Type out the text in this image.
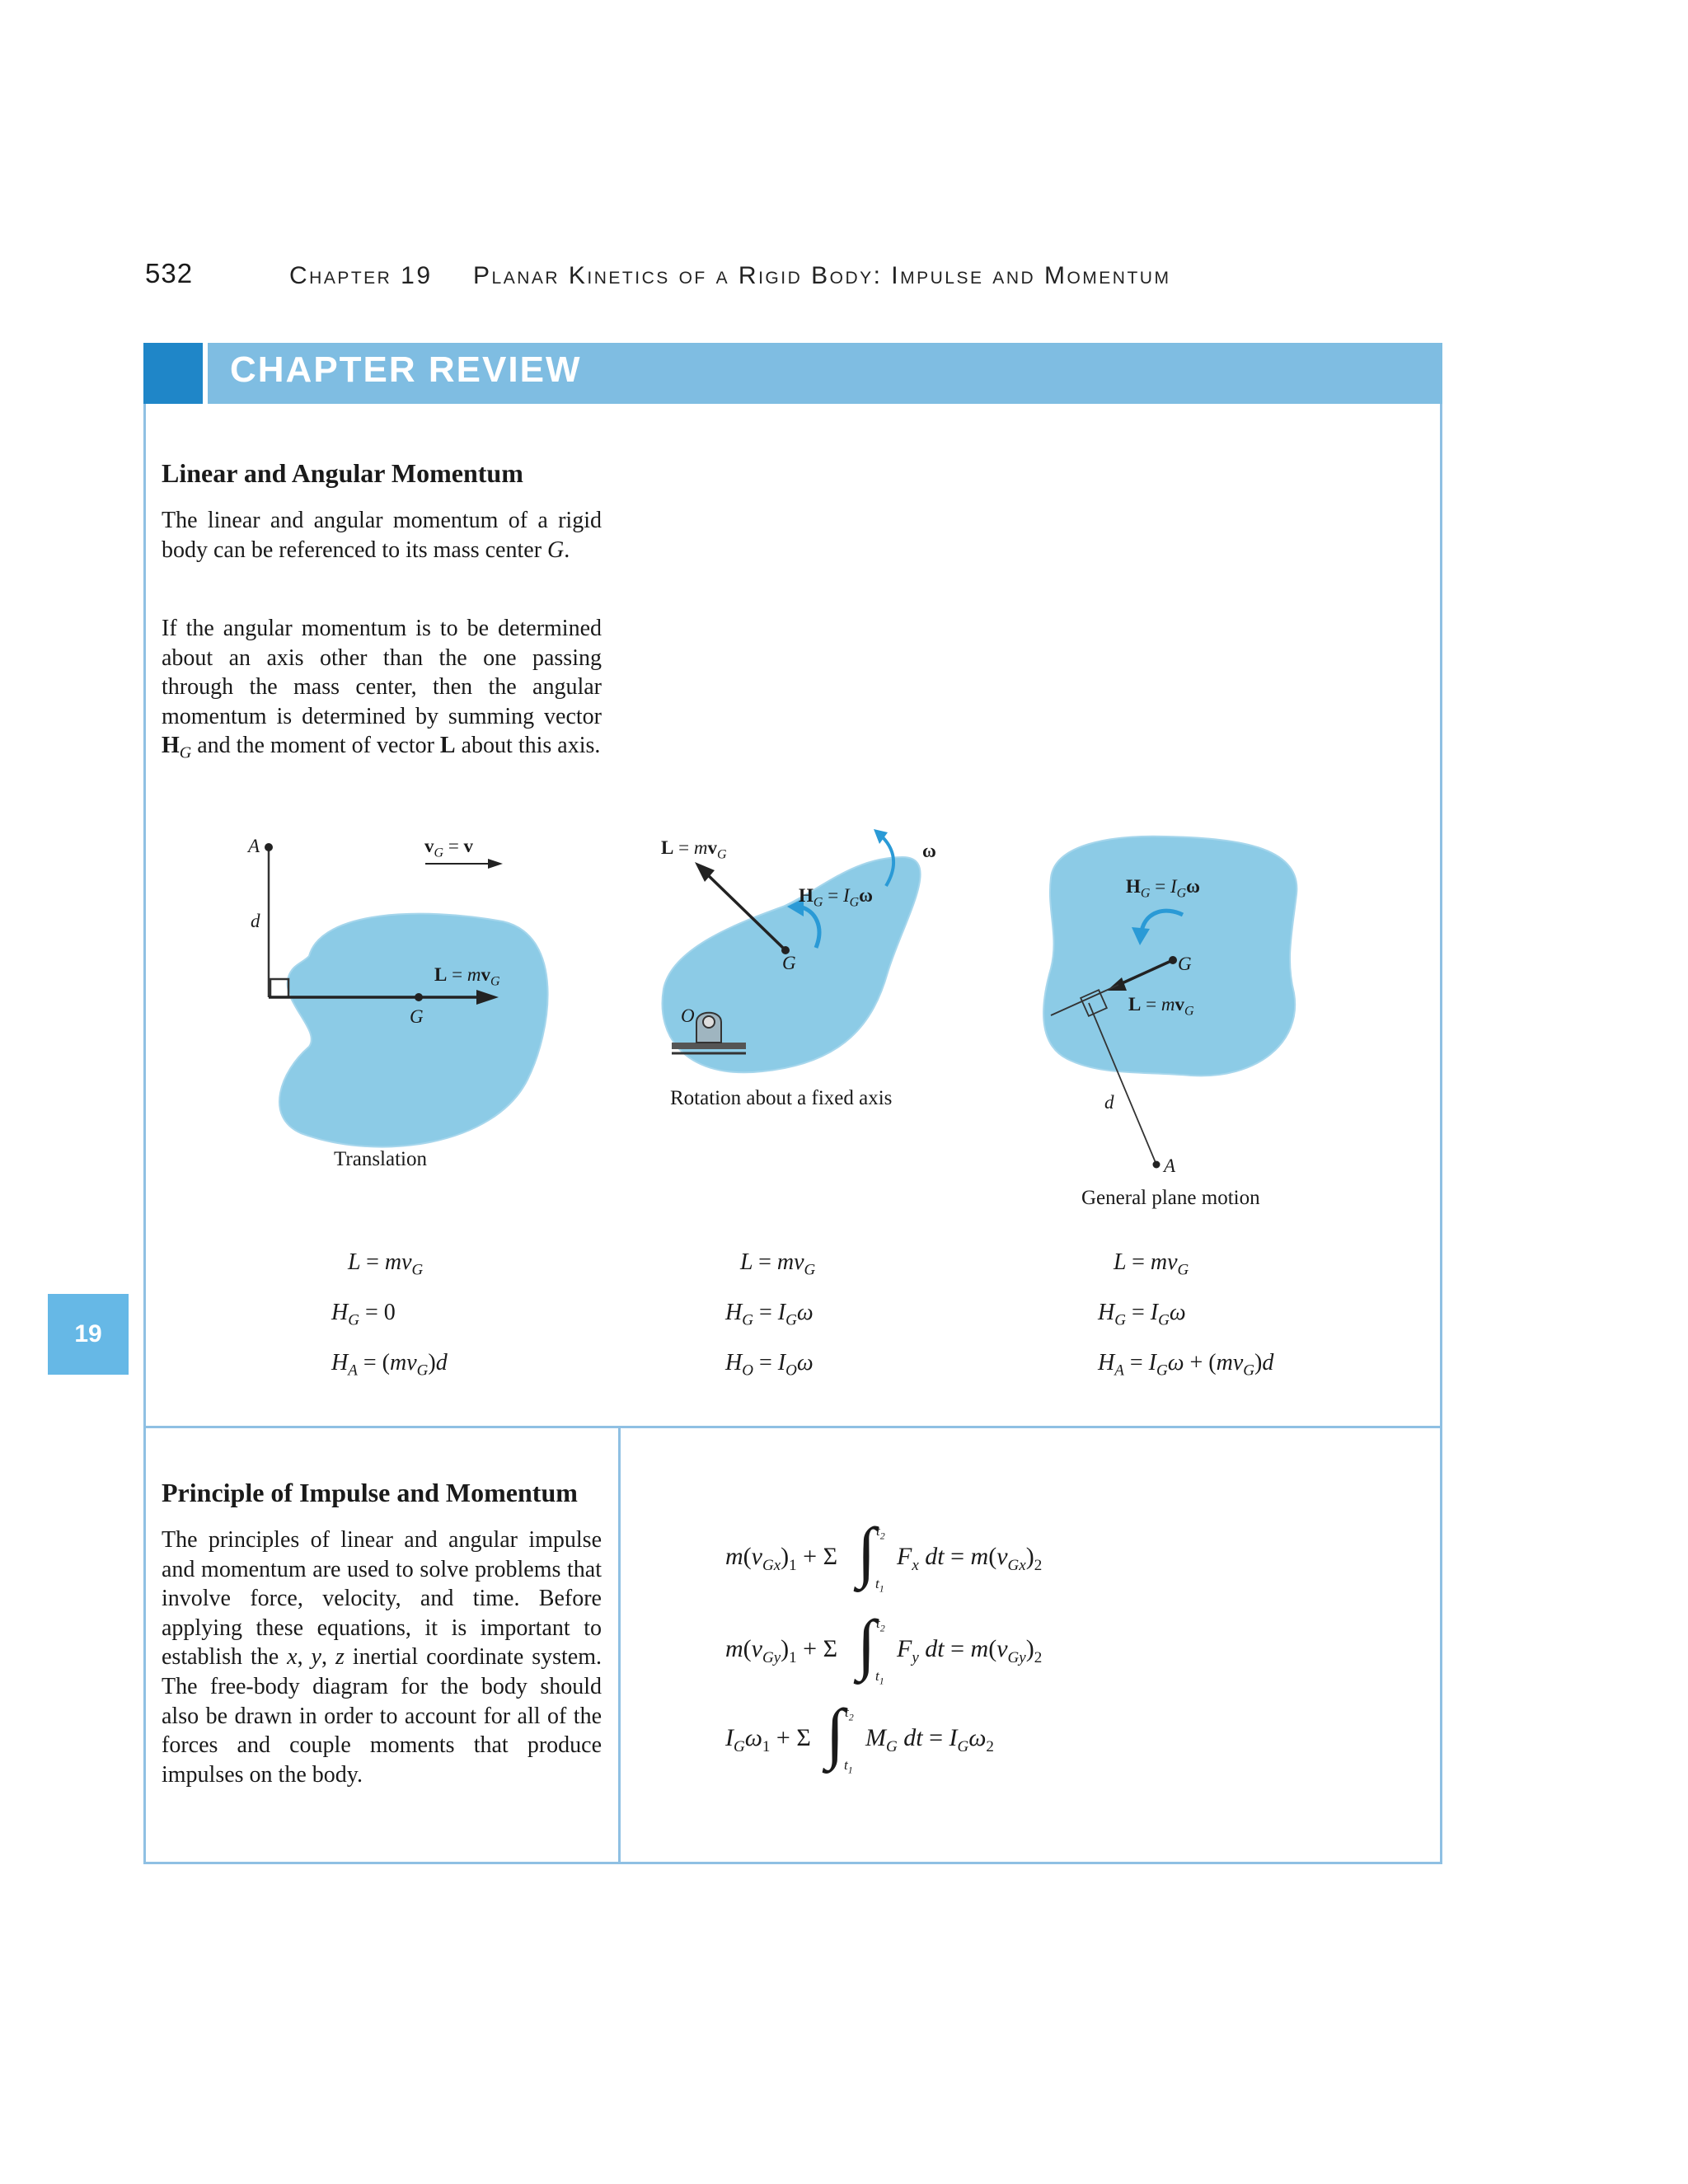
532	Chapter 19 Planar Kinetics of a Rigid Body: Impulse and Momentum
CHAPTER REVIEW
19
Linear and Angular Momentum

The linear and angular momentum of a rigid body can be referenced to its mass center G.

If the angular momentum is to be determined about an axis other than the one passing through the mass center, then the angular momentum is determined by summing vector $H_G$ and the moment of vector L about this axis.

A
d
$v_G = v$
$L = mv_G$
G
Translation
$L = mv_G$
$H_G = I_G\omega$
ω
G
O
Rotation about a fixed axis
$H_G = I_G\omega$
G
$L = mv_G$
d
A
General plane motion
$L = mv_G$
$H_G = 0$
$H_A = (mv_G)d$
$L = mv_G$
$H_G = I_G\omega$
$H_O = I_O\omega$
$L = mv_G$
$H_G = I_G\omega$
$H_A = I_G\omega + (mv_G)d$
Principle of Impulse and Momentum

The principles of linear and angular impulse and momentum are used to solve problems that involve force, velocity, and time. Before applying these equations, it is important to establish the x, y, z inertial coordinate system. The free-body diagram for the body should also be drawn in order to account for all of the forces and couple moments that produce impulses on the body.

$m(v_{Gx})_1 + \Sigma$ ∫ $t_2$
$t_1$
$F_x$ dt = $m(v_{Gx})_2$
$m(v_{Gy})_1 + \Sigma$ ∫ $t_2$
$t_1$
$F_y$ dt = $m(v_{Gy})_2$
$I_G\omega_1 + \Sigma$ ∫ $t_2$
$t_1$
$M_G$ dt = $I_G\omega_2$
